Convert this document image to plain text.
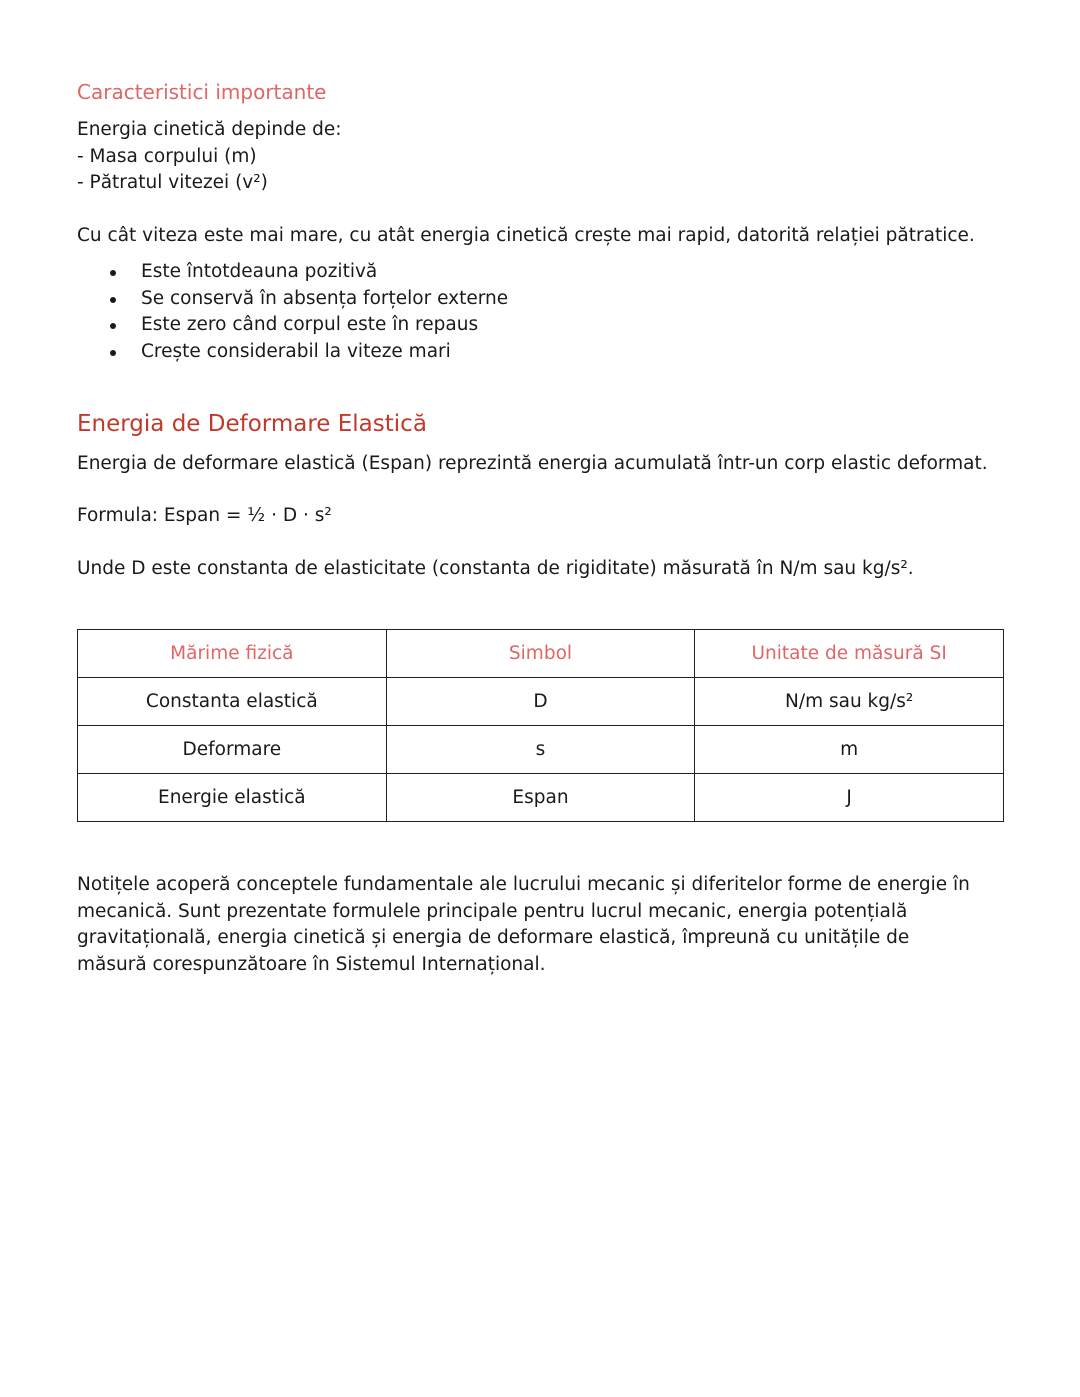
Caracteristici importante
Energia cinetică depinde de:
- Masa corpului (m)
- Pătratul vitezei (v²)
Cu cât viteza este mai mare, cu atât energia cinetică crește mai rapid, datorită relației pătratice.
Este întotdeauna pozitivă
Se conservă în absența forțelor externe
Este zero când corpul este în repaus
Crește considerabil la viteze mari
Energia de Deformare Elastică
Energia de deformare elastică (Espan) reprezintă energia acumulată într-un corp elastic deformat.
Formula: Espan = ½ · D · s²
Unde D este constanta de elasticitate (constanta de rigiditate) măsurată în N/m sau kg/s².
Mărime fizică	Simbol	Unitate de măsură SI
Constanta elastică	D	N/m sau kg/s²
Deformare	s	m
Energie elastică	Espan	J
Notițele acoperă conceptele fundamentale ale lucrului mecanic și diferitelor forme de energie în mecanică. Sunt prezentate formulele principale pentru lucrul mecanic, energia potențială gravitațională, energia cinetică și energia de deformare elastică, împreună cu unitățile de măsură corespunzătoare în Sistemul Internațional.
